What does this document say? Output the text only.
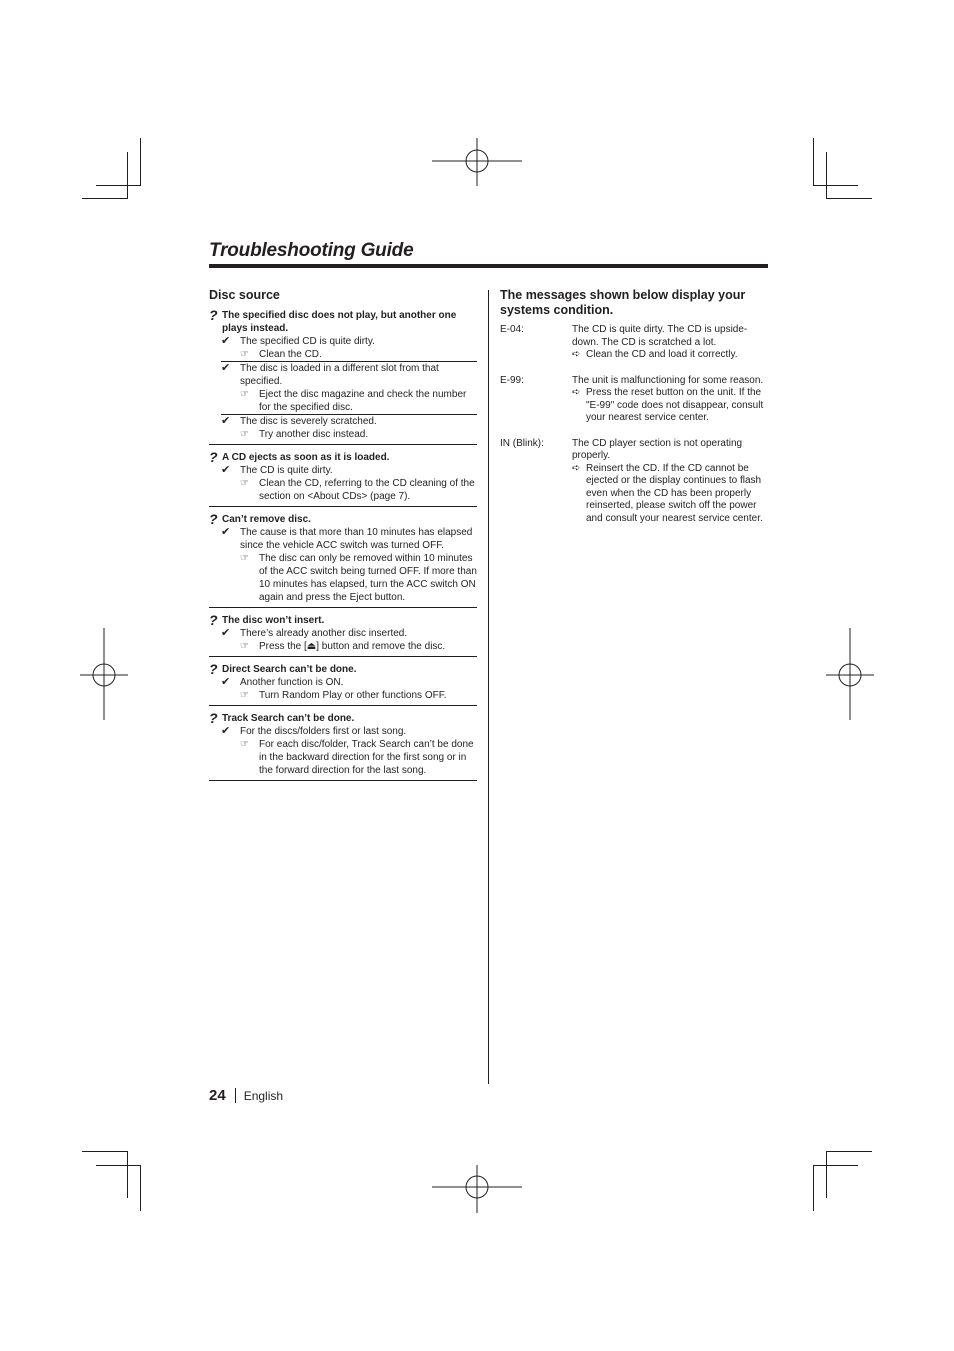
Troubleshooting Guide
Disc source
? The specified disc does not play, but another one plays instead.
✔ The specified CD is quite dirty.
☞	Clean the CD.
✔ The disc is loaded in a different slot from that specified.
☞	Eject the disc magazine and check the number for the specified disc.
✔ The disc is severely scratched.
☞	Try another disc instead.
? A CD ejects as soon as it is loaded.
✔ The CD is quite dirty.
☞	Clean the CD, referring to the CD cleaning of the section on <About CDs> (page 7).
? Can’t remove disc.
✔ The cause is that more than 10 minutes has elapsed since the vehicle ACC switch was turned OFF.
☞	The disc can only be removed within 10 minutes of the ACC switch being turned OFF. If more than 10 minutes has elapsed, turn the ACC switch ON again and press the Eject button.
? The disc won’t insert.
✔ There’s already another disc inserted.
☞	Press the [⏏] button and remove the disc.
? Direct Search can’t be done.
✔ Another function is ON.
☞	Turn Random Play or other functions OFF.
? Track Search can’t be done.
✔ For the discs/folders first or last song.
☞	For each disc/folder, Track Search can’t be done in the backward direction for the first song or in the forward direction for the last song.
The messages shown below display your systems condition.
E-04:	The CD is quite dirty. The CD is upside-down. The CD is scratched a lot.
➪ Clean the CD and load it correctly.
E-99:	The unit is malfunctioning for some reason.
➪ Press the reset button on the unit. If the "E-99" code does not disappear, consult your nearest service center.
IN (Blink):	The CD player section is not operating properly.
➪ Reinsert the CD. If the CD cannot be ejected or the display continues to flash even when the CD has been properly reinserted, please switch off the power and consult your nearest service center.
24 English
